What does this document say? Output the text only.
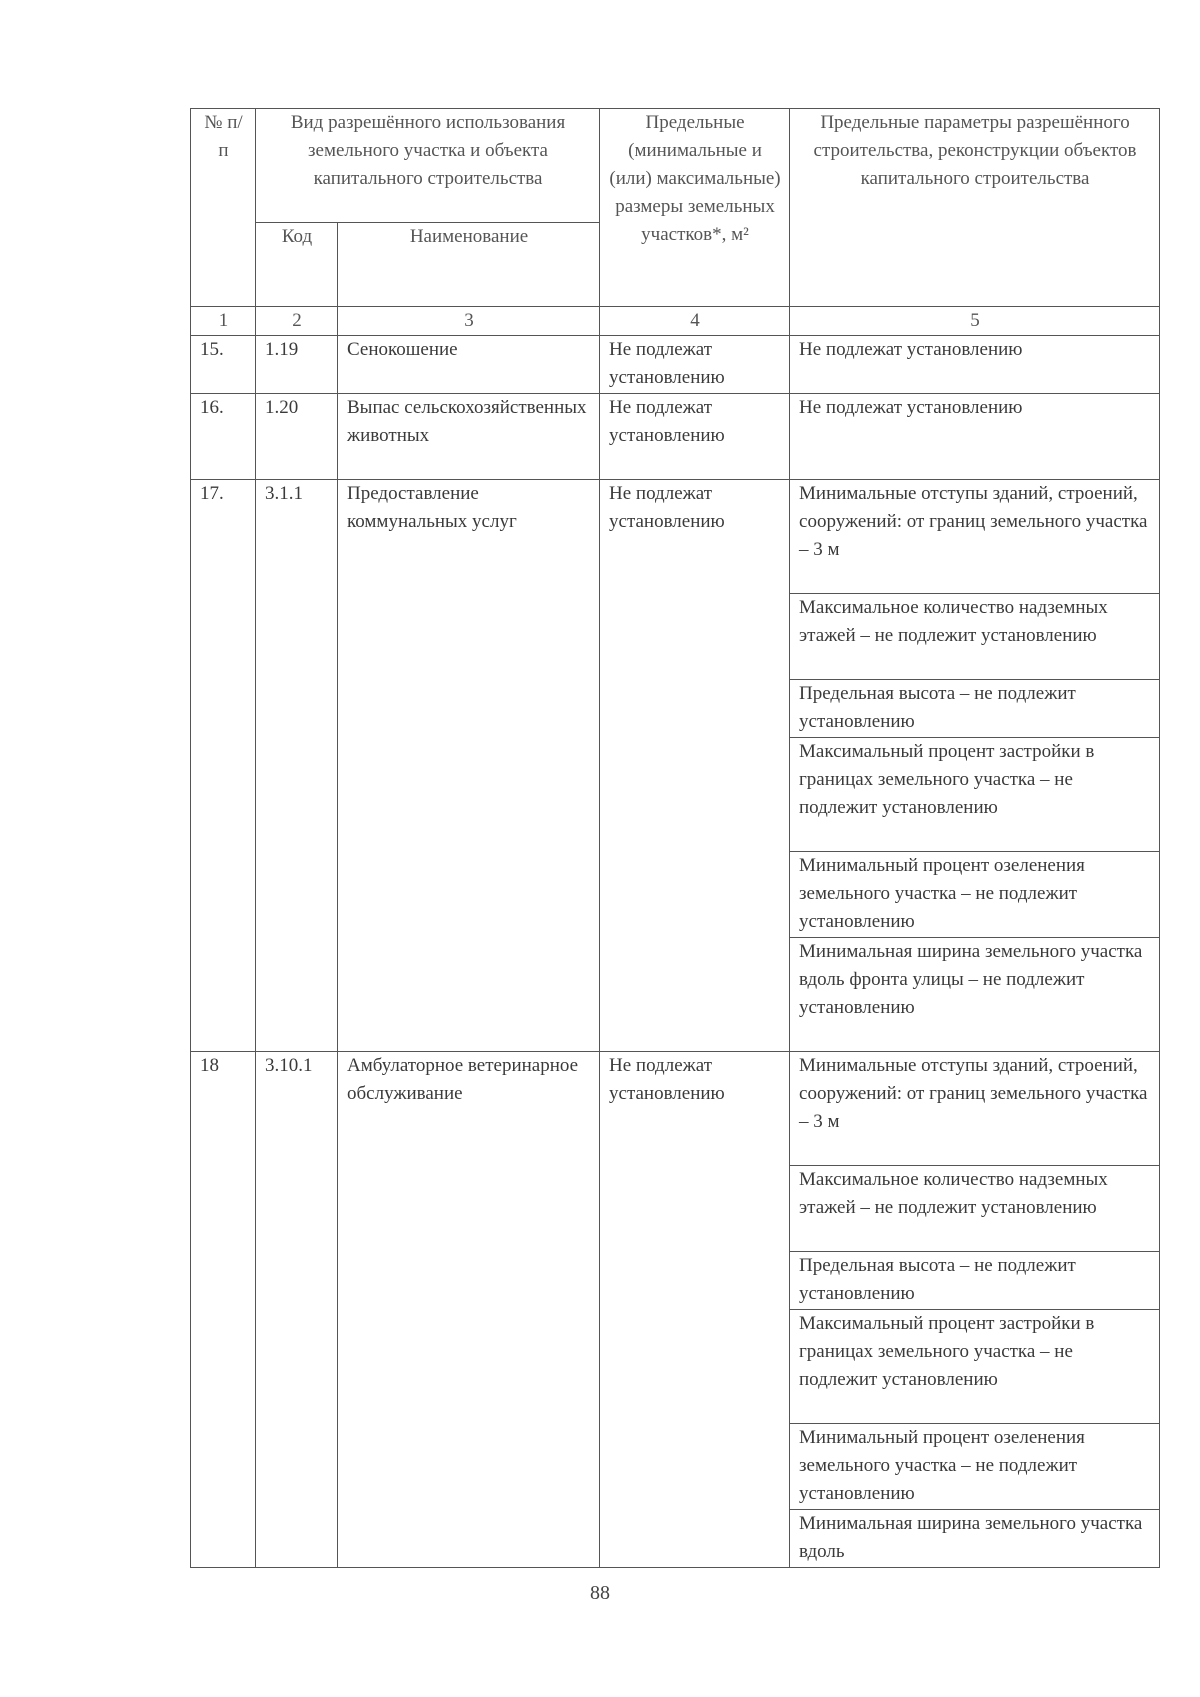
№ п/п	Вид разрешённого использования земельного участка и объекта капитального строительства		Предельные (минимальные и (или) максимальные) размеры земельных участков*, м²	Предельные параметры разрешённого строительства, реконструкции объектов капитального строительства
	Код	Наименование		
1	2	3	4	5
15.	1.19	Сенокошение	Не подлежат установлению	Не подлежат установлению
16.	1.20	Выпас сельскохозяйственных животных	Не подлежат установлению	Не подлежат установлению
17.	3.1.1	Предоставление коммунальных услуг	Не подлежат установлению	Минимальные отступы зданий, строений, сооружений: от границ земельного участка – 3 м
				Максимальное количество надземных этажей – не подлежит установлению
				Предельная высота – не подлежит установлению
				Максимальный процент застройки в границах земельного участка – не подлежит установлению
				Минимальный процент озеленения земельного участка – не подлежит установлению
				Минимальная ширина земельного участка вдоль фронта улицы – не подлежит установлению
18	3.10.1	Амбулаторное ветеринарное обслуживание	Не подлежат установлению	Минимальные отступы зданий, строений, сооружений: от границ земельного участка – 3 м
				Максимальное количество надземных этажей – не подлежит установлению
				Предельная высота – не подлежит установлению
				Максимальный процент застройки в границах земельного участка – не подлежит установлению
				Минимальный процент озеленения земельного участка – не подлежит установлению
				Минимальная ширина земельного участка вдоль
88
